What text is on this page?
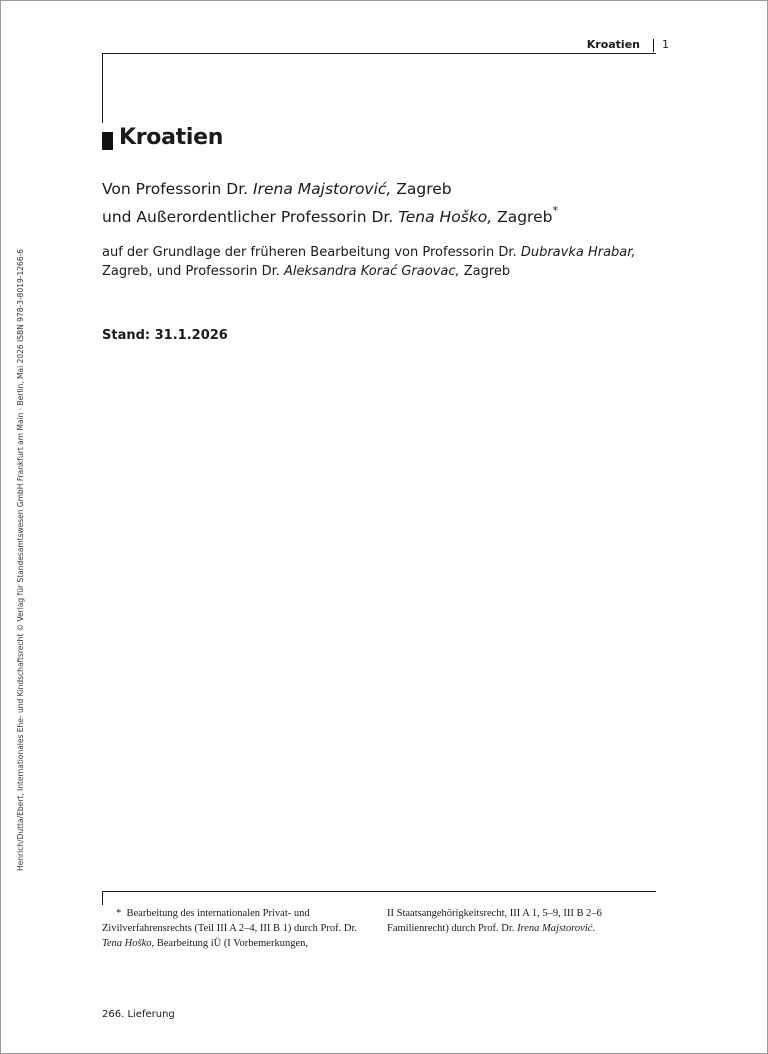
Kroatien 1
Kroatien
Von Professorin Dr. Irena Majstorović, Zagreb
und Außerordentlicher Professorin Dr. Tena Hoško, Zagreb*
auf der Grundlage der früheren Bearbeitung von Professorin Dr. Dubravka Hrabar, Zagreb, und Professorin Dr. Aleksandra Korać Graovac, Zagreb
Stand: 31.1.2026
Henrich/Dutta/Ebert, Internationales Ehe- und Kindschaftsrecht © Verlag für Standesamtswesen GmbH Frankfurt am Main · Berlin, Mai 2026 ISBN 978-3-8019-1266-6
* Bearbeitung des internationalen Privat- und Zivilverfahrensrechts (Teil III A 2–4, III B 1) durch Prof. Dr. Tena Hoško, Bearbeitung iÜ (I Vorbemerkungen,
II Staatsangehörigkeitsrecht, III A 1, 5–9, III B 2–6 Familienrecht) durch Prof. Dr. Irena Majstorović.
266. Lieferung
